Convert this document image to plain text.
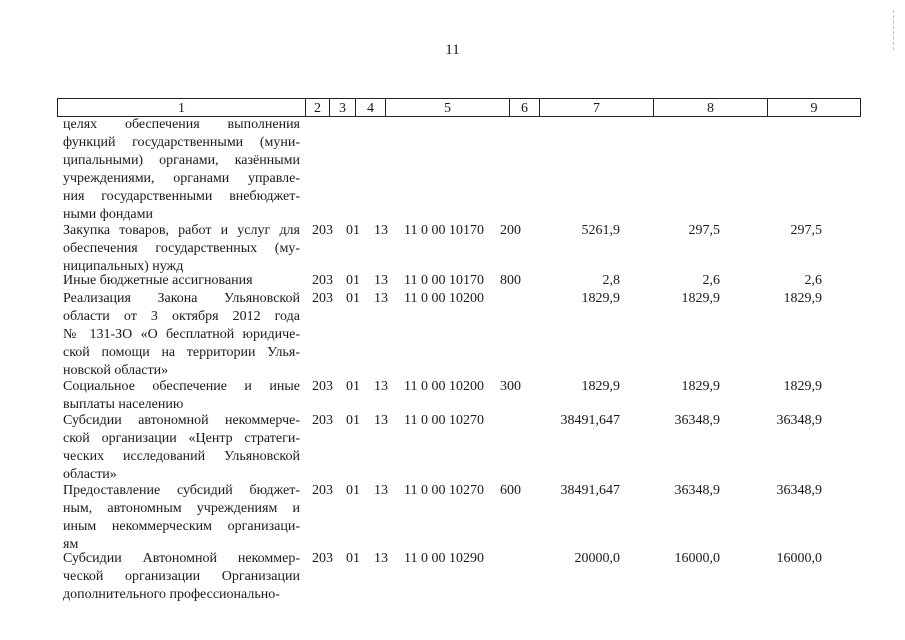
11
1	2	3	4	5	6	7	8	9
целях обеспечения выполнения
функций государственными (муни-
ципальными) органами, казёнными
учреждениями, органами управле-
ния государственными внебюджет-
ными фондами
Закупка товаров, работ и услуг для
обеспечения государственных (му-
ниципальных) нужд
203 01 13 11 0 00 10170 200	5261,9	297,5	297,5
Иные бюджетные ассигнования	203 01 13 11 0 00 10170 800	2,8	2,6	2,6
Реализация Закона Ульяновской
области от 3 октября 2012 года
№ 131-ЗО «О бесплатной юридиче-
ской помощи на территории Улья-
новской области»
203 01 13 11 0 00 10200	1829,9	1829,9	1829,9
Социальное обеспечение и иные
выплаты населению
203 01 13 11 0 00 10200 300	1829,9	1829,9	1829,9
Субсидии автономной некоммерче-
ской организации «Центр стратеги-
ческих исследований Ульяновской
области»
203 01 13 11 0 00 10270	38491,647	36348,9	36348,9
Предоставление субсидий бюджет-
ным, автономным учреждениям и
иным некоммерческим организаци-
ям
203 01 13 11 0 00 10270 600	38491,647	36348,9	36348,9
Субсидии Автономной некоммер-
ческой организации Организации
дополнительного профессионально-
203 01 13 11 0 00 10290	20000,0	16000,0	16000,0
